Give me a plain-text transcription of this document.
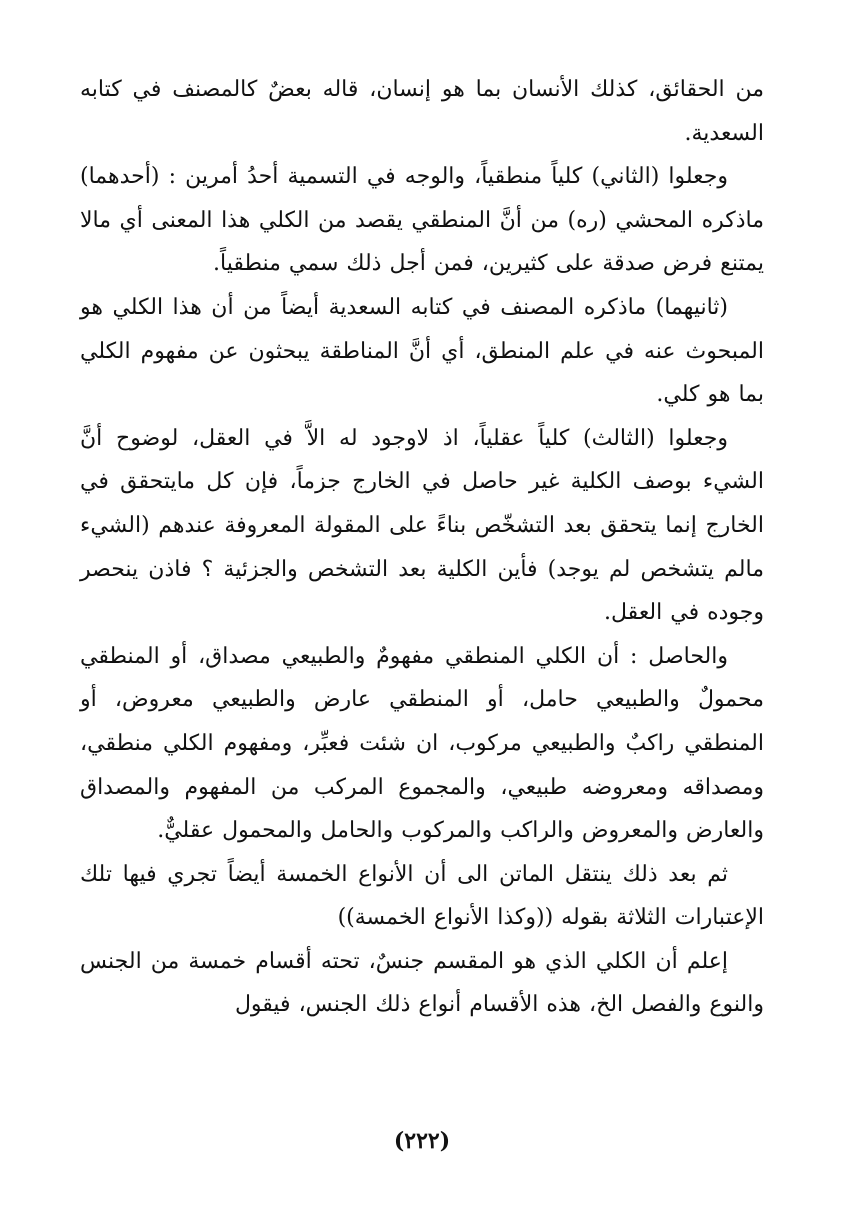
من الحقائق، كذلك الأنسان بما هو إنسان، قاله بعضٌ كالمصنف في كتابه السعدية.

وجعلوا (الثاني) كلياً منطقياً، والوجه في التسمية أحدُ أمرين : (أحدهما) ماذكره المحشي (ره) من أنَّ المنطقي يقصد من الكلي هذا المعنى أي مالا يمتنع فرض صدقة على كثيرين، فمن أجل ذلك سمي منطقياً.

(ثانيهما) ماذكره المصنف في كتابه السعدية أيضاً من أن هذا الكلي هو المبحوث عنه في علم المنطق، أي أنَّ المناطقة يبحثون عن مفهوم الكلي بما هو كلي.

وجعلوا (الثالث) كلياً عقلياً، اذ لاوجود له الاَّ في العقل، لوضوح أنَّ الشيء بوصف الكلية غير حاصل في الخارج جزماً، فإن كل مايتحقق في الخارج إنما يتحقق بعد التشخّص بناءً على المقولة المعروفة عندهم (الشيء مالم يتشخص لم يوجد) فأين الكلية بعد التشخص والجزئية ؟ فاذن ينحصر وجوده في العقل.

والحاصل : أن الكلي المنطقي مفهومٌ والطبيعي مصداق، أو المنطقي محمولٌ والطبيعي حامل، أو المنطقي عارض والطبيعي معروض، أو المنطقي راكبٌ والطبيعي مركوب، ان شئت فعبِّر، ومفهوم الكلي منطقي، ومصداقه ومعروضه طبيعي، والمجموع المركب من المفهوم والمصداق والعارض والمعروض والراكب والمركوب والحامل والمحمول عقليٌّ.

ثم بعد ذلك ينتقل الماتن الى أن الأنواع الخمسة أيضاً تجري فيها تلك الإعتبارات الثلاثة بقوله ((وكذا الأنواع الخمسة))

إعلم أن الكلي الذي هو المقسم جنسٌ، تحته أقسام خمسة من الجنس والنوع والفصل الخ، هذه الأقسام أنواع ذلك الجنس، فيقول

(٢٢٢)
